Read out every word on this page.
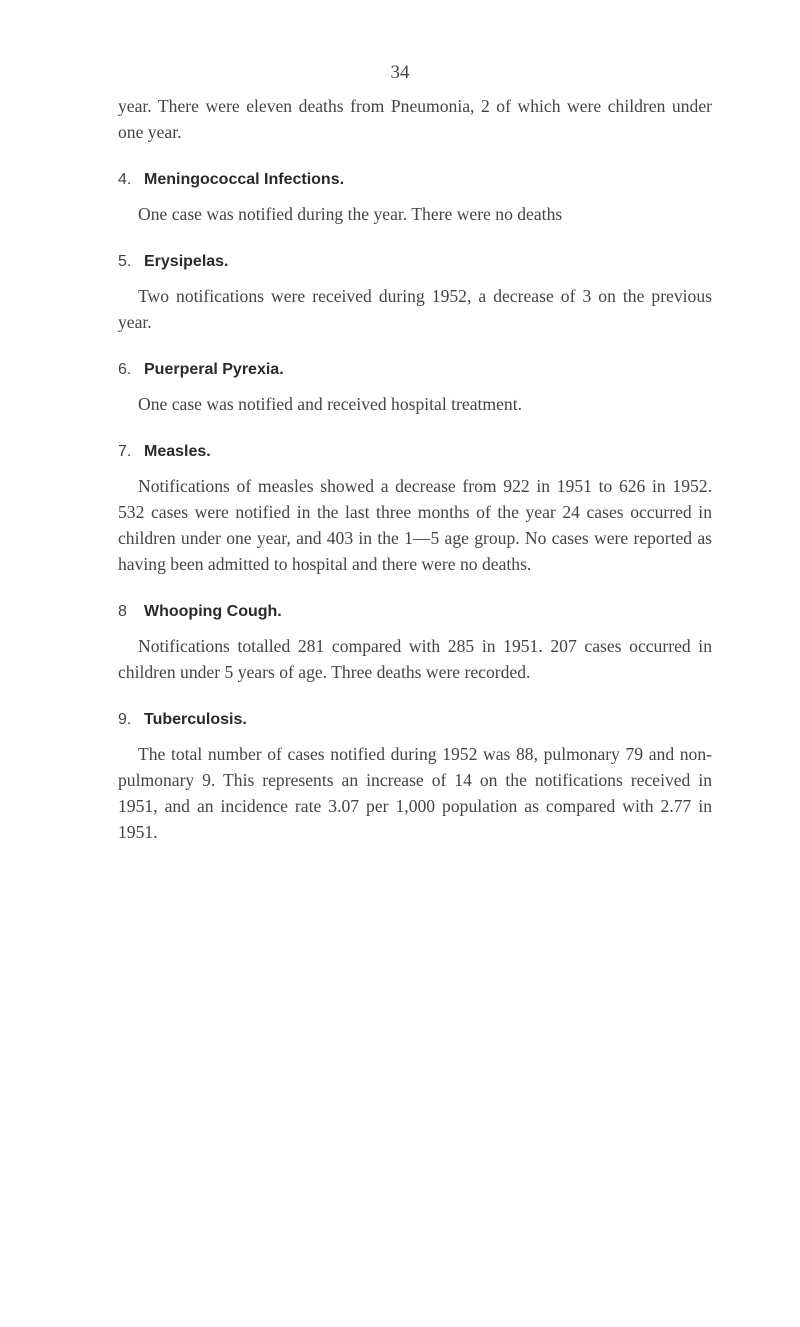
34

year. There were eleven deaths from Pneumonia, 2 of which were children under one year.

4. Meningococcal Infections.

One case was notified during the year. There were no deaths

5. Erysipelas.

Two notifications were received during 1952, a decrease of 3 on the previous year.

6. Puerperal Pyrexia.

One case was notified and received hospital treatment.

7. Measles.

Notifications of measles showed a decrease from 922 in 1951 to 626 in 1952. 532 cases were notified in the last three months of the year 24 cases occurred in children under one year, and 403 in the 1—5 age group. No cases were reported as having been admitted to hospital and there were no deaths.

8	Whooping Cough.

Notifications totalled 281 compared with 285 in 1951. 207 cases occurred in children under 5 years of age. Three deaths were recorded.

9. Tuberculosis.

The total number of cases notified during 1952 was 88, pulmonary 79 and non-pulmonary 9. This represents an increase of 14 on the notifications received in 1951, and an incidence rate 3.07 per 1,000 population as compared with 2.77 in 1951.
